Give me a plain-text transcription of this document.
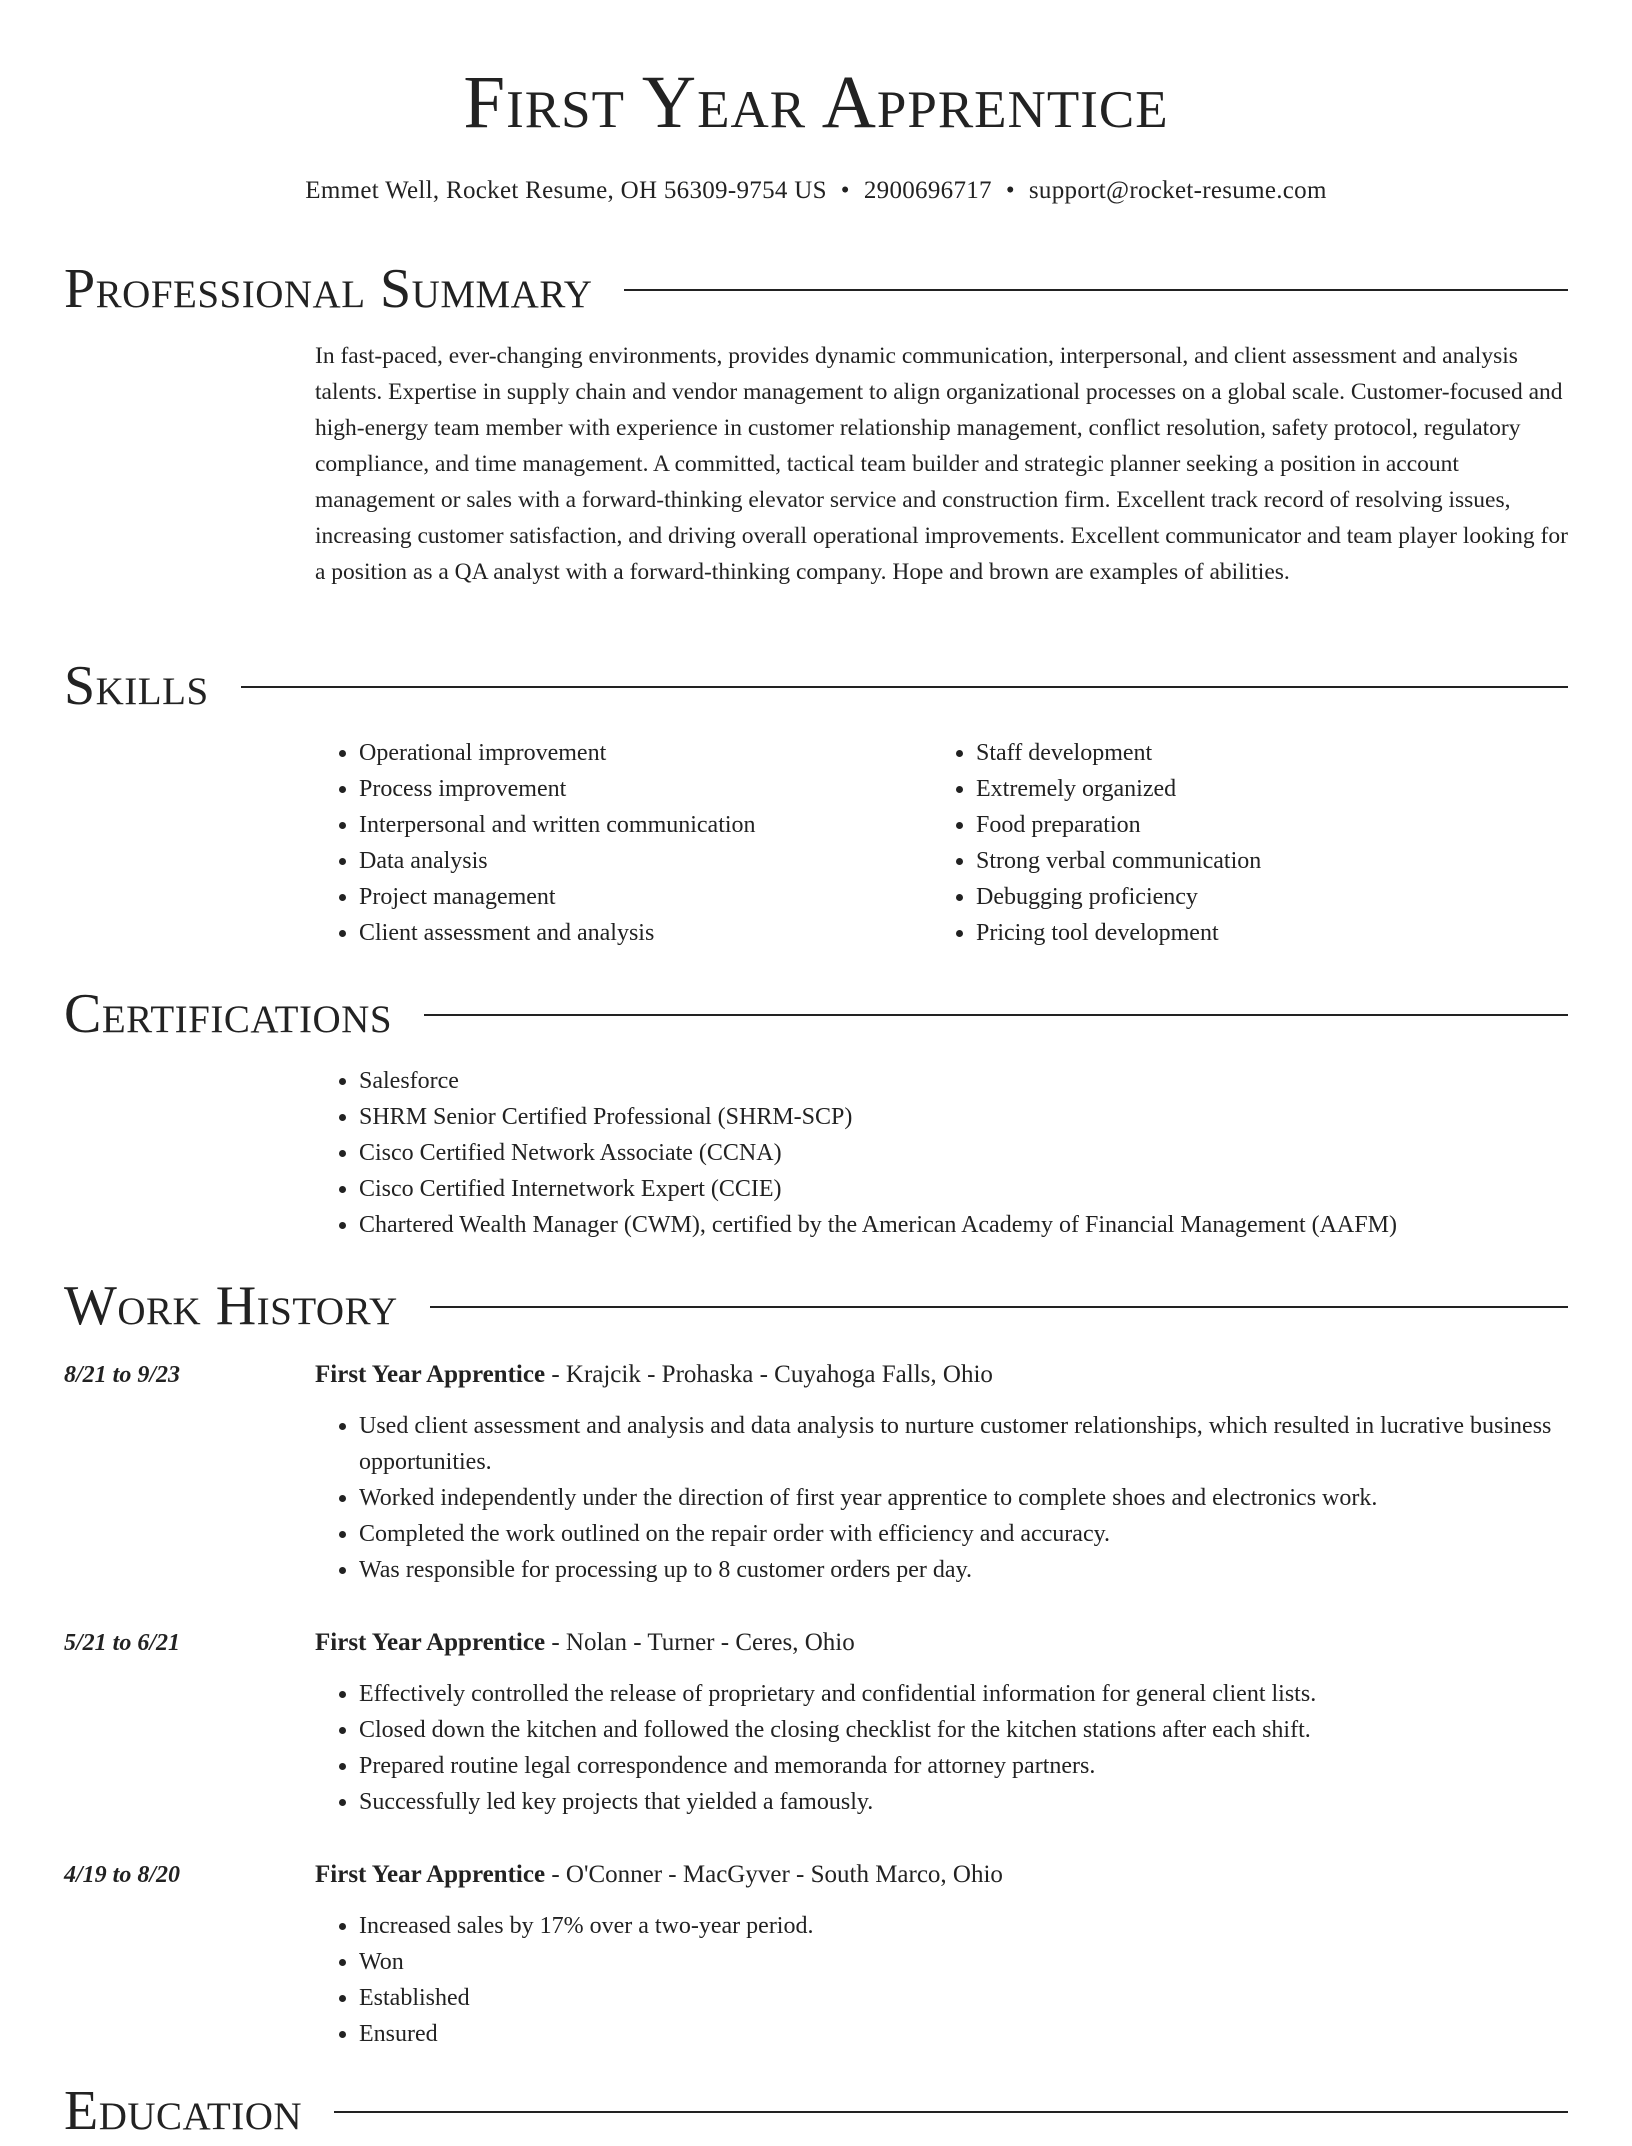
First Year Apprentice
Emmet Well, Rocket Resume, OH 56309-9754 US • 2900696717 • support@rocket-resume.com
Professional Summary
In fast-paced, ever-changing environments, provides dynamic communication, interpersonal, and client assessment and analysis talents. Expertise in supply chain and vendor management to align organizational processes on a global scale. Customer-focused and high-energy team member with experience in customer relationship management, conflict resolution, safety protocol, regulatory compliance, and time management. A committed, tactical team builder and strategic planner seeking a position in account management or sales with a forward-thinking elevator service and construction firm. Excellent track record of resolving issues, increasing customer satisfaction, and driving overall operational improvements. Excellent communicator and team player looking for a position as a QA analyst with a forward-thinking company. Hope and brown are examples of abilities.
Skills
• Operational improvement
• Process improvement
• Interpersonal and written communication
• Data analysis
• Project management
• Client assessment and analysis
• Staff development
• Extremely organized
• Food preparation
• Strong verbal communication
• Debugging proficiency
• Pricing tool development
Certifications
• Salesforce
• SHRM Senior Certified Professional (SHRM-SCP)
• Cisco Certified Network Associate (CCNA)
• Cisco Certified Internetwork Expert (CCIE)
• Chartered Wealth Manager (CWM), certified by the American Academy of Financial Management (AAFM)
Work History
8/21 to 9/23	First Year Apprentice - Krajcik - Prohaska - Cuyahoga Falls, Ohio
• Used client assessment and analysis and data analysis to nurture customer relationships, which resulted in lucrative business opportunities.
• Worked independently under the direction of first year apprentice to complete shoes and electronics work.
• Completed the work outlined on the repair order with efficiency and accuracy.
• Was responsible for processing up to 8 customer orders per day.
5/21 to 6/21	First Year Apprentice - Nolan - Turner - Ceres, Ohio
• Effectively controlled the release of proprietary and confidential information for general client lists.
• Closed down the kitchen and followed the closing checklist for the kitchen stations after each shift.
• Prepared routine legal correspondence and memoranda for attorney partners.
• Successfully led key projects that yielded a famously.
4/19 to 8/20	First Year Apprentice - O'Conner - MacGyver - South Marco, Ohio
• Increased sales by 17% over a two-year period.
• Won
• Established
• Ensured
Education
